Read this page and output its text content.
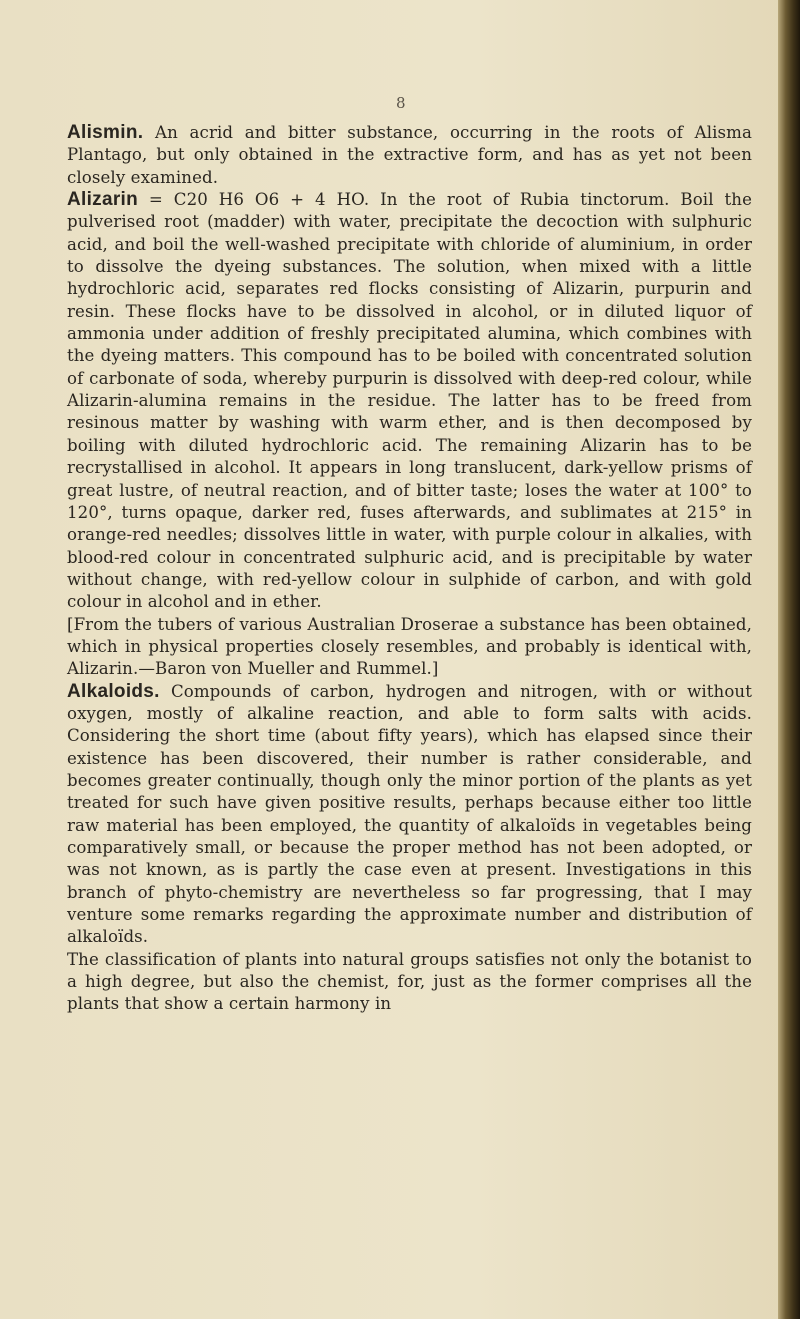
8

Alismin. An acrid and bitter substance, occurring in the roots of Alisma Plantago, but only obtained in the extractive form, and has as yet not been closely examined.

Alizarin = C20 H6 O6 + 4 HO. In the root of Rubia tinctorum. Boil the pulverised root (madder) with water, precipitate the decoction with sulphuric acid, and boil the well-washed precipitate with chloride of aluminium, in order to dissolve the dyeing substances. The solution, when mixed with a little hydrochloric acid, separates red flocks consisting of Alizarin, purpurin and resin. These flocks have to be dissolved in alcohol, or in diluted liquor of ammonia under addition of freshly precipitated alumina, which combines with the dyeing matters. This compound has to be boiled with concentrated solution of carbonate of soda, whereby purpurin is dissolved with deep-red colour, while Alizarin-alumina remains in the residue. The latter has to be freed from resinous matter by washing with warm ether, and is then decomposed by boiling with diluted hydrochloric acid. The remaining Alizarin has to be recrystallised in alcohol. It appears in long translucent, dark-yellow prisms of great lustre, of neutral reaction, and of bitter taste; loses the water at 100° to 120°, turns opaque, darker red, fuses afterwards, and sublimates at 215° in orange-red needles; dissolves little in water, with purple colour in alkalies, with blood-red colour in concentrated sulphuric acid, and is precipitable by water without change, with red-yellow colour in sulphide of carbon, and with gold colour in alcohol and in ether.

[From the tubers of various Australian Droserae a substance has been obtained, which in physical properties closely resembles, and probably is identical with, Alizarin.—Baron von Mueller and Rummel.]

Alkaloids. Compounds of carbon, hydrogen and nitrogen, with or without oxygen, mostly of alkaline reaction, and able to form salts with acids. Considering the short time (about fifty years), which has elapsed since their existence has been discovered, their number is rather considerable, and becomes greater continually, though only the minor portion of the plants as yet treated for such have given positive results, perhaps because either too little raw material has been employed, the quantity of alkaloïds in vegetables being comparatively small, or because the proper method has not been adopted, or was not known, as is partly the case even at present. Investigations in this branch of phyto-chemistry are nevertheless so far progressing, that I may venture some remarks regarding the approximate number and distribution of alkaloïds.

The classification of plants into natural groups satisfies not only the botanist to a high degree, but also the chemist, for, just as the former comprises all the plants that show a certain harmony in
